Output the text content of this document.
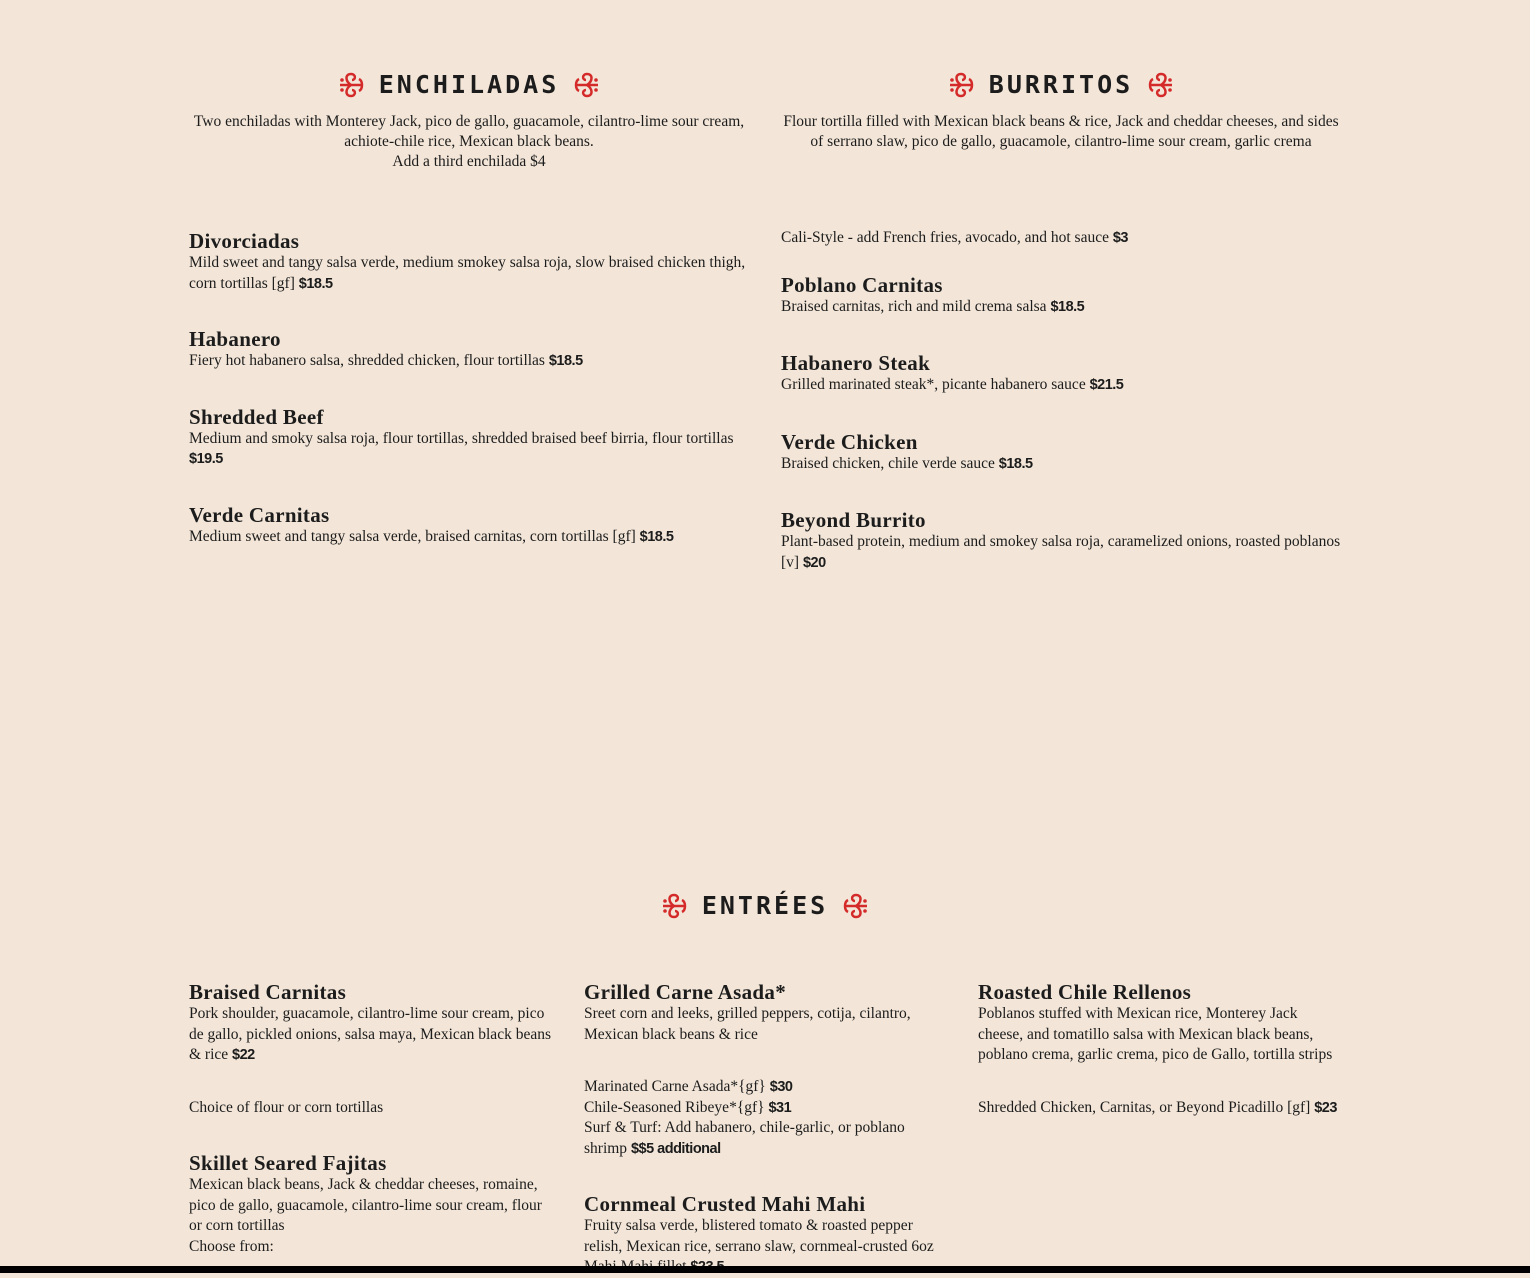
ENCHILADAS
Two enchiladas with Monterey Jack, pico de gallo, guacamole, cilantro-lime sour cream,
achiote-chile rice, Mexican black beans.
Add a third enchilada $4
Divorciadas
Mild sweet and tangy salsa verde, medium smokey salsa roja, slow braised chicken thigh, corn tortillas [gf] $18.5
Habanero
Fiery hot habanero salsa, shredded chicken, flour tortillas $18.5
Shredded Beef
Medium and smoky salsa roja, flour tortillas, shredded braised beef birria, flour tortillas $19.5
Verde Carnitas
Medium sweet and tangy salsa verde, braised carnitas, corn tortillas [gf] $18.5
BURRITOS
Flour tortilla filled with Mexican black beans & rice, Jack and cheddar cheeses, and sides
of serrano slaw, pico de gallo, guacamole, cilantro-lime sour cream, garlic crema
Cali-Style - add French fries, avocado, and hot sauce $3
Poblano Carnitas
Braised carnitas, rich and mild crema salsa $18.5
Habanero Steak
Grilled marinated steak*, picante habanero sauce $21.5
Verde Chicken
Braised chicken, chile verde sauce $18.5
Beyond Burrito
Plant-based protein, medium and smokey salsa roja, caramelized onions, roasted poblanos [v] $20
ENTRÉES
Braised Carnitas
Pork shoulder, guacamole, cilantro-lime sour cream, pico de gallo, pickled onions, salsa maya, Mexican black beans & rice $22
Choice of flour or corn tortillas
Skillet Seared Fajitas
Mexican black beans, Jack & cheddar cheeses, romaine, pico de gallo, guacamole, cilantro-lime sour cream, flour or corn tortillas
Choose from:
Grilled Carne Asada*
Sreet corn and leeks, grilled peppers, cotija, cilantro, Mexican black beans & rice
Marinated Carne Asada*{gf} $30
Chile-Seasoned Ribeye*{gf} $31
Surf & Turf: Add habanero, chile-garlic, or poblano shrimp $$5 additional
Cornmeal Crusted Mahi Mahi
Fruity salsa verde, blistered tomato & roasted pepper relish, Mexican rice, serrano slaw, cornmeal-crusted 6oz
Roasted Chile Rellenos
Poblanos stuffed with Mexican rice, Monterey Jack cheese, and tomatillo salsa with Mexican black beans, poblano crema, garlic crema, pico de Gallo, tortilla strips
Shredded Chicken, Carnitas, or Beyond Picadillo [gf] $23
